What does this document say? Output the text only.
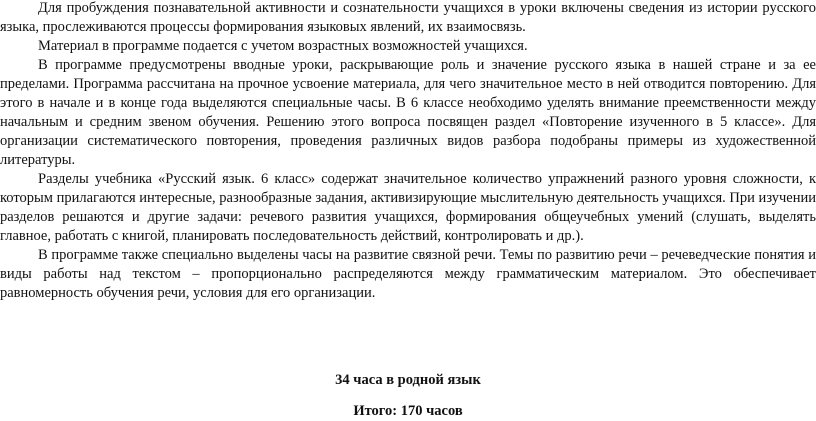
Для пробуждения познавательной активности и сознательности учащихся в уроки включены сведения из истории русского языка, прослеживаются процессы формирования языковых явлений, их взаимосвязь.

Материал в программе подается с учетом возрастных возможностей учащихся.

В программе предусмотрены вводные уроки, раскрывающие роль и значение русского языка в нашей стране и за ее пределами. Программа рассчитана на прочное усвоение материала, для чего значительное место в ней отводится повторению. Для этого в начале и в конце года выделяются специальные часы. В 6 классе необходимо уделять внимание преемственности между начальным и средним звеном обучения. Решению этого вопроса посвящен раздел «Повторение изученного в 5 классе». Для организации систематического повторения, проведения различных видов разбора подобраны примеры из художественной литературы.

Разделы учебника «Русский язык. 6 класс» содержат значительное количество упражнений разного уровня сложности, к которым прилагаются интересные, разнообразные задания, активизирующие мыслительную деятельность учащихся. При изучении разделов решаются и другие задачи: речевого развития учащихся, формирования общеучебных умений (слушать, выделять главное, работать с книгой, планировать последовательность действий, контролировать и др.).

В программе также специально выделены часы на развитие связной речи. Темы по развитию речи – речеведческие понятия и виды работы над текстом – пропорционально распределяются между грамматическим материалом. Это обеспечивает равномерность обучения речи, условия для его организации.

34 часа в родной язык

Итого: 170 часов
